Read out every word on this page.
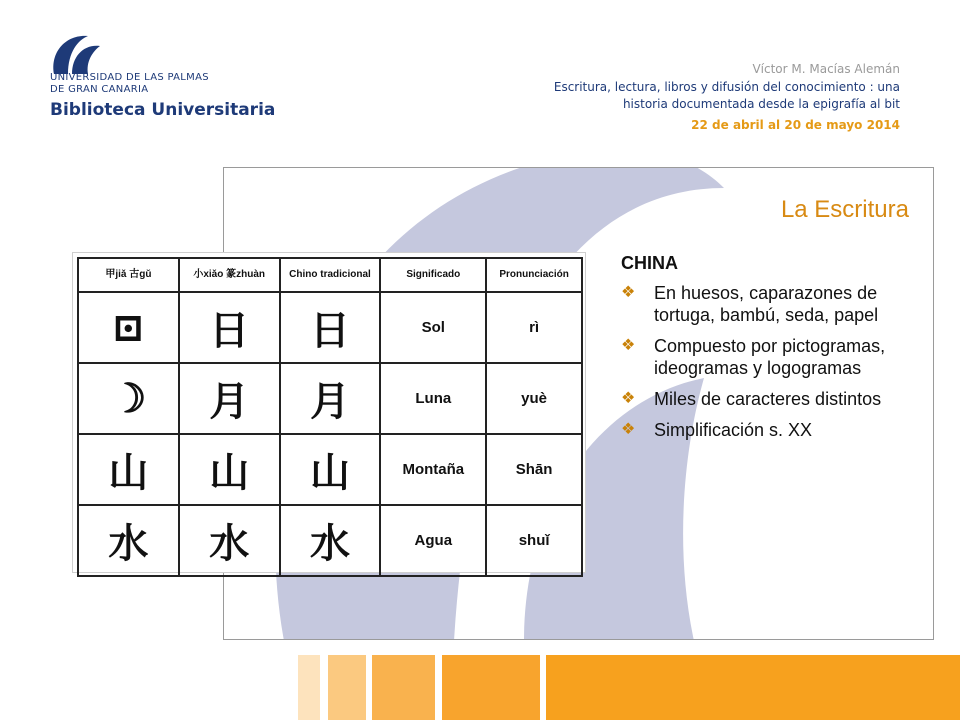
UNIVERSIDAD DE LAS PALMAS
DE GRAN CANARIA
Biblioteca Universitaria
Víctor M. Macías Alemán
Escritura, lectura, libros y difusión del conocimiento : una
historia documentada desde la epigrafía al bit
22 de abril al 20 de mayo 2014
La Escritura
CHINA
❖ En huesos, caparazones de tortuga, bambú, seda, papel
❖ Compuesto por pictogramas, ideogramas y logogramas
❖ Miles de caracteres distintos
❖ Simplificación s. XX
甲jiǎ 古gǔ	小xiǎo 篆zhuàn	Chino tradicional	Significado	Pronunciación
⊡	日	日	Sol	rì
☽	月	月	Luna	yuè
山	山	山	Montaña	Shān
水	水	水	Agua	shuǐ
